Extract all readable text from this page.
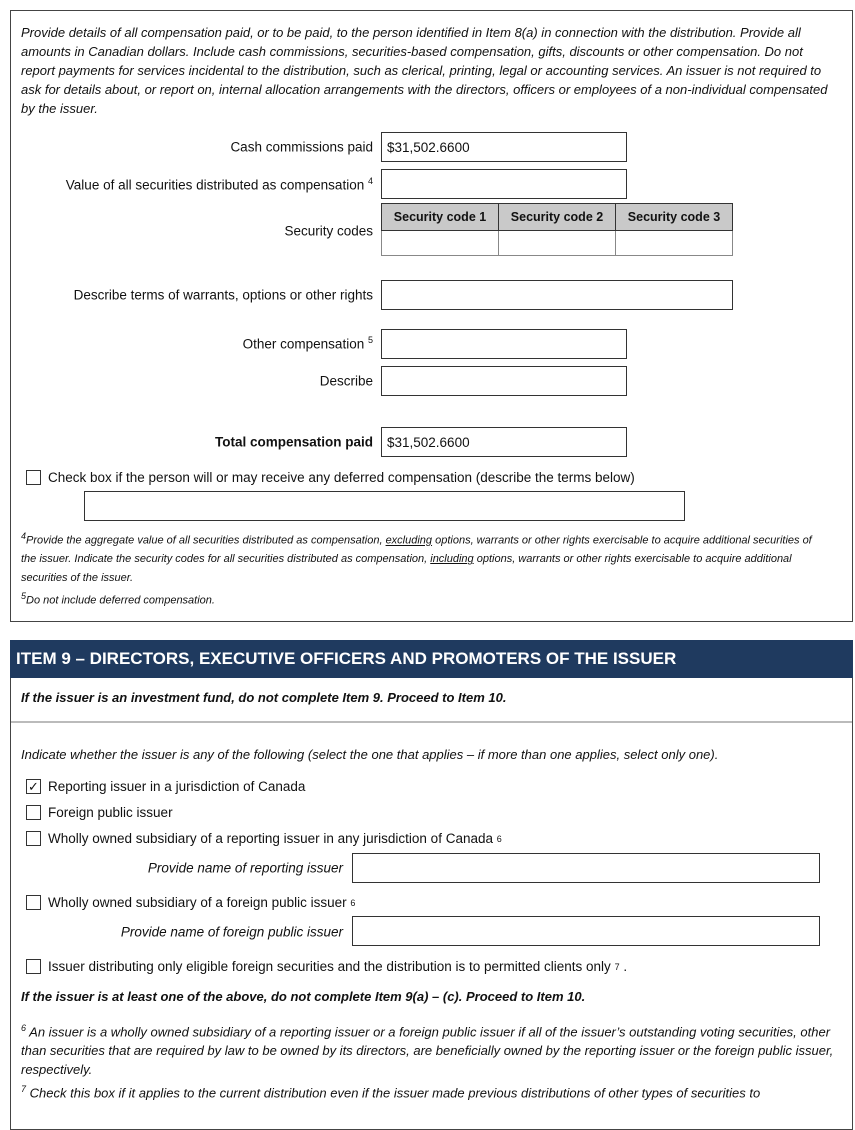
Provide details of all compensation paid, or to be paid, to the person identified in Item 8(a) in connection with the distribution. Provide all amounts in Canadian dollars. Include cash commissions, securities-based compensation, gifts, discounts or other compensation. Do not report payments for services incidental to the distribution, such as clerical, printing, legal or accounting services. An issuer is not required to ask for details about, or report on, internal allocation arrangements with the directors, officers or employees of a non-individual compensated by the issuer.
Cash commissions paid $31,502.6600
Value of all securities distributed as compensation $^4$
Security codes
Security code 1	Security code 2	Security code 3

Describe terms of warrants, options or other rights
Other compensation $^5$
Describe
Total compensation paid $31,502.6600
Check box if the person will or may receive any deferred compensation (describe the terms below)
$^4$Provide the aggregate value of all securities distributed as compensation, excluding options, warrants or other rights exercisable to acquire additional securities of the issuer. Indicate the security codes for all securities distributed as compensation, including options, warrants or other rights exercisable to acquire additional securities of the issuer.
$^5$Do not include deferred compensation.
ITEM 9 – DIRECTORS, EXECUTIVE OFFICERS AND PROMOTERS OF THE ISSUER
If the issuer is an investment fund, do not complete Item 9. Proceed to Item 10.
Indicate whether the issuer is any of the following (select the one that applies – if more than one applies, select only one).
✓ Reporting issuer in a jurisdiction of Canada
Foreign public issuer
Wholly owned subsidiary of a reporting issuer in any jurisdiction of Canada
6
Provide name of reporting issuer
Wholly owned subsidiary of a foreign public issuer
6
Provide name of foreign public issuer
Issuer distributing only eligible foreign securities and the distribution is to permitted clients only
7
.
If the issuer is at least one of the above, do not complete Item 9(a) – (c). Proceed to Item 10.
$^6$ An issuer is a wholly owned subsidiary of a reporting issuer or a foreign public issuer if all of the issuer’s outstanding voting securities, other than securities that are required by law to be owned by its directors, are beneficially owned by the reporting issuer or the foreign public issuer, respectively.
$^7$ Check this box if it applies to the current distribution even if the issuer made previous distributions of other types of securities to
